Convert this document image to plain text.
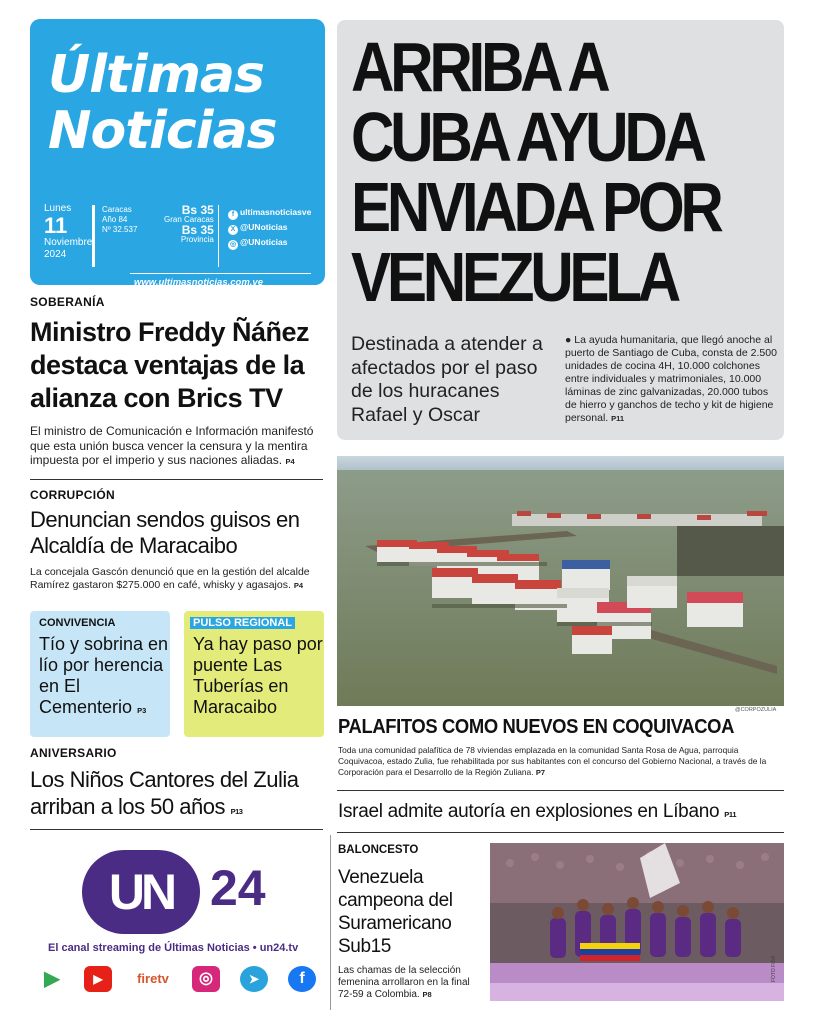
Últimas
Noticias
Lunes
11
Noviembre
2024
Caracas
Año 84
Nº 32.537
Bs 35
Gran Caracas
Bs 35
Provincia
f ultimasnoticiasve
X @UNoticias
◎ @UNoticias
www.ultimasnoticias.com.ve
ARRIBA A
CUBA AYUDA
ENVIADA POR
VENEZUELA
Destinada a atender a afectados por el paso de los huracanes Rafael y Oscar
● La ayuda humanitaria, que llegó anoche al puerto de Santiago de Cuba, consta de 2.500 unidades de cocina 4H, 10.000 colchones entre individuales y matrimoniales, 10.000 láminas de zinc galvanizadas, 20.000 tubos de hierro y ganchos de techo y kit de higiene personal. P11
SOBERANÍA
Ministro Freddy Ñáñez destaca ventajas de la alianza con Brics TV
El ministro de Comunicación e Información manifestó que esta unión busca vencer la censura y la mentira impuesta por el imperio y sus naciones aliadas. P4
CORRUPCIÓN
Denuncian sendos guisos en Alcaldía de Maracaibo
La concejala Gascón denunció que en la gestión del alcalde Ramírez gastaron $275.000 en café, whisky y agasajos. P4
CONVIVENCIA
Tío y sobrina en lío por herencia en El Cementerio P3
PULSO REGIONAL
Ya hay paso por puente Las Tuberías en Maracaibo
ANIVERSARIO
Los Niños Cantores del Zulia arriban a los 50 años P13
UN 24
El canal streaming de Últimas Noticias • un24.tv
▶	▶	firetv	◎	➤	f
@CORPOZULIA
PALAFITOS COMO NUEVOS EN COQUIVACOA
Toda una comunidad palafítica de 78 viviendas emplazada en la comunidad Santa Rosa de Agua, parroquia Coquivacoa, estado Zulia, fue rehabilitada por sus habitantes con el concurso del Gobierno Nacional, a través de la Corporación para el Desarrollo de la Región Zuliana. P7
Israel admite autoría en explosiones en Líbano P11
BALONCESTO
Venezuela campeona del Suramericano Sub15
Las chamas de la selección femenina arrollaron en la final 72-59 a Colombia. P8
FOTO FIBA
